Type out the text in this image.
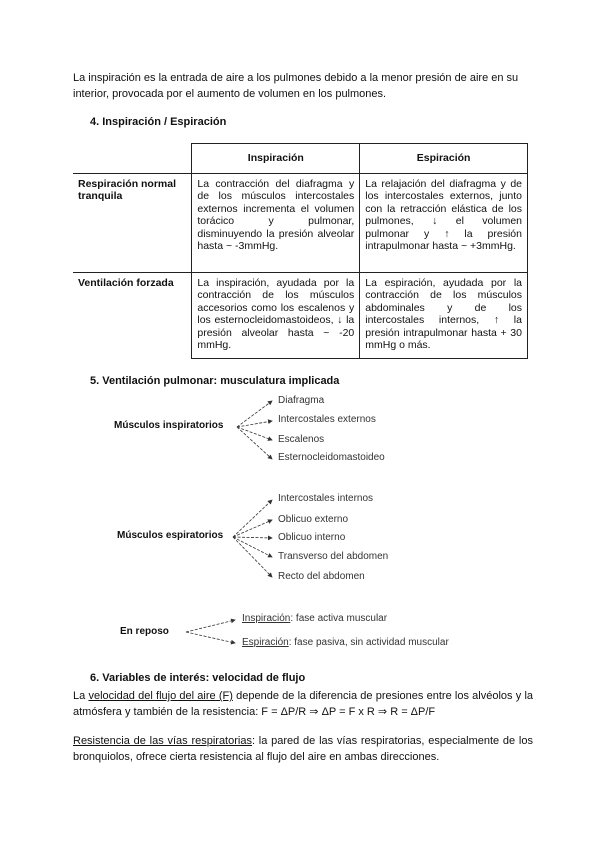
La inspiración es la entrada de aire a los pulmones debido a la menor presión de aire en su interior, provocada por el aumento de volumen en los pulmones.
4. Inspiración / Espiración
	Inspiración	Espiración
Respiración normal tranquila	La contracción del diafragma y de los músculos intercostales externos incrementa el volumen torácico y pulmonar, disminuyendo la presión alveolar hasta ~ -3mmHg.	La relajación del diafragma y de los intercostales externos, junto con la retracción elástica de los pulmones, ↓ el volumen pulmonar y ↑ la presión intrapulmonar hasta ~ +3mmHg.
Ventilación forzada	La inspiración, ayudada por la contracción de los músculos accesorios como los escalenos y los esternocleidomastoideos, ↓ la presión alveolar hasta ~ -20 mmHg.	La espiración, ayudada por la contracción de los músculos abdominales y de los intercostales internos, ↑ la presión intrapulmonar hasta + 30 mmHg o más.
5. Ventilación pulmonar: musculatura implicada
Músculos inspiratorios
Diafragma
Intercostales externos
Escalenos
Esternocleidomastoideo
Músculos espiratorios
Intercostales internos
Oblicuo externo
Oblicuo interno
Transverso del abdomen
Recto del abdomen
En reposo
Inspiración: fase activa muscular
Espiración: fase pasiva, sin actividad muscular
6. Variables de interés: velocidad de flujo
La velocidad del flujo del aire (F) depende de la diferencia de presiones entre los alvéolos y la atmósfera y también de la resistencia: F = ΔP/R ⇒ ΔP = F x R ⇒ R = ΔP/F
Resistencia de las vías respiratorias: la pared de las vías respiratorias, especialmente de los bronquiolos, ofrece cierta resistencia al flujo del aire en ambas direcciones.
